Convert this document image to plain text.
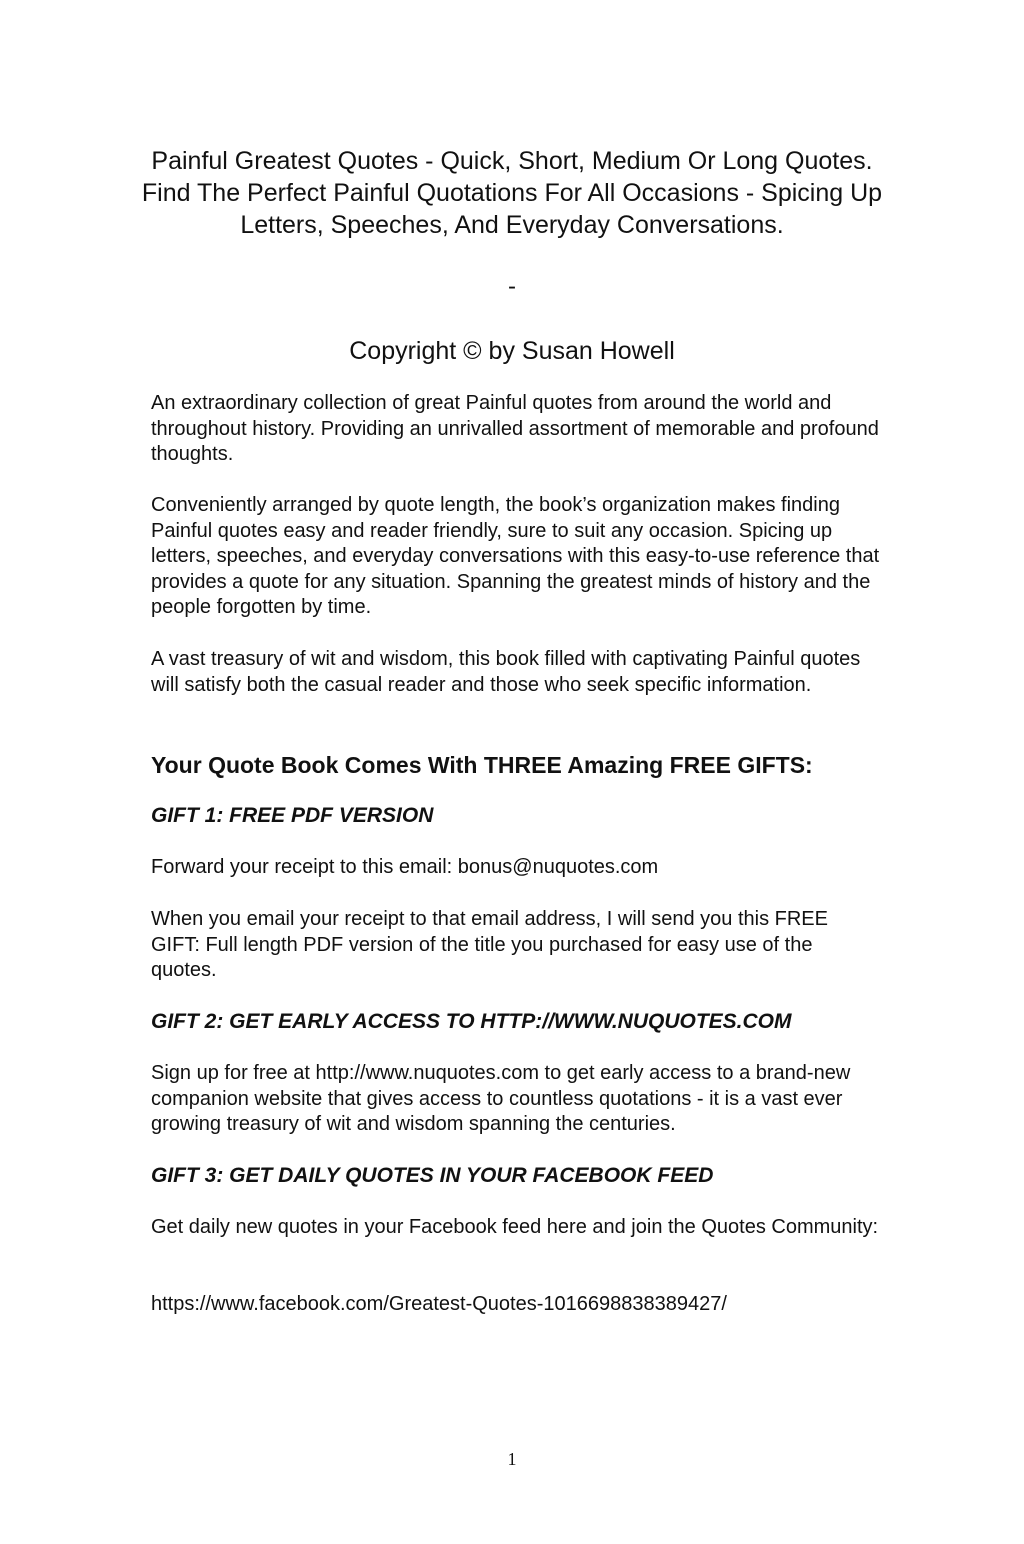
Painful Greatest Quotes - Quick, Short, Medium Or Long Quotes. Find The Perfect Painful Quotations For All Occasions - Spicing Up Letters, Speeches, And Everyday Conversations.
-
Copyright © by Susan Howell

An extraordinary collection of great Painful quotes from around the world and throughout history. Providing an unrivalled assortment of memorable and profound thoughts.

Conveniently arranged by quote length, the book’s organization makes finding Painful quotes easy and reader friendly, sure to suit any occasion. Spicing up letters, speeches, and everyday conversations with this easy-to-use reference that provides a quote for any situation. Spanning the greatest minds of history and the people forgotten by time.

A vast treasury of wit and wisdom, this book filled with captivating Painful quotes will satisfy both the casual reader and those who seek specific information.

Your Quote Book Comes With THREE Amazing FREE GIFTS:
GIFT 1: FREE PDF VERSION

Forward your receipt to this email: bonus@nuquotes.com

When you email your receipt to that email address, I will send you this FREE GIFT: Full length PDF version of the title you purchased for easy use of the quotes.

GIFT 2: GET EARLY ACCESS TO HTTP://WWW.NUQUOTES.COM

Sign up for free at http://www.nuquotes.com to get early access to a brand-new companion website that gives access to countless quotations - it is a vast ever growing treasury of wit and wisdom spanning the centuries.

GIFT 3: GET DAILY QUOTES IN YOUR FACEBOOK FEED

Get daily new quotes in your Facebook feed here and join the Quotes Community:

https://www.facebook.com/Greatest-Quotes-1016698838389427/

1
